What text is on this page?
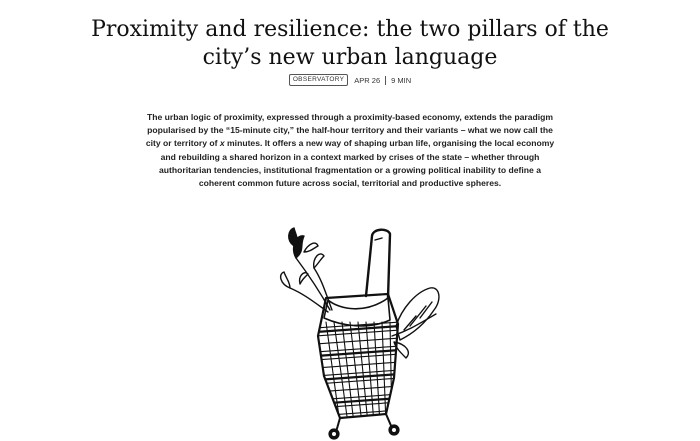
Proximity and resilience: the two pillars of the city’s new urban language
OBSERVATORY	APR 26 9 MIN

The urban logic of proximity, expressed through a proximity-based economy, extends the paradigm popularised by the “15-minute city,” the half-hour territory and their variants – what we now call the city or territory of x minutes. It offers a new way of shaping urban life, organising the local economy and rebuilding a shared horizon in a context marked by crises of the state – whether through authoritarian tendencies, institutional fragmentation or a growing political inability to define a coherent common future across social, territorial and productive spheres.
